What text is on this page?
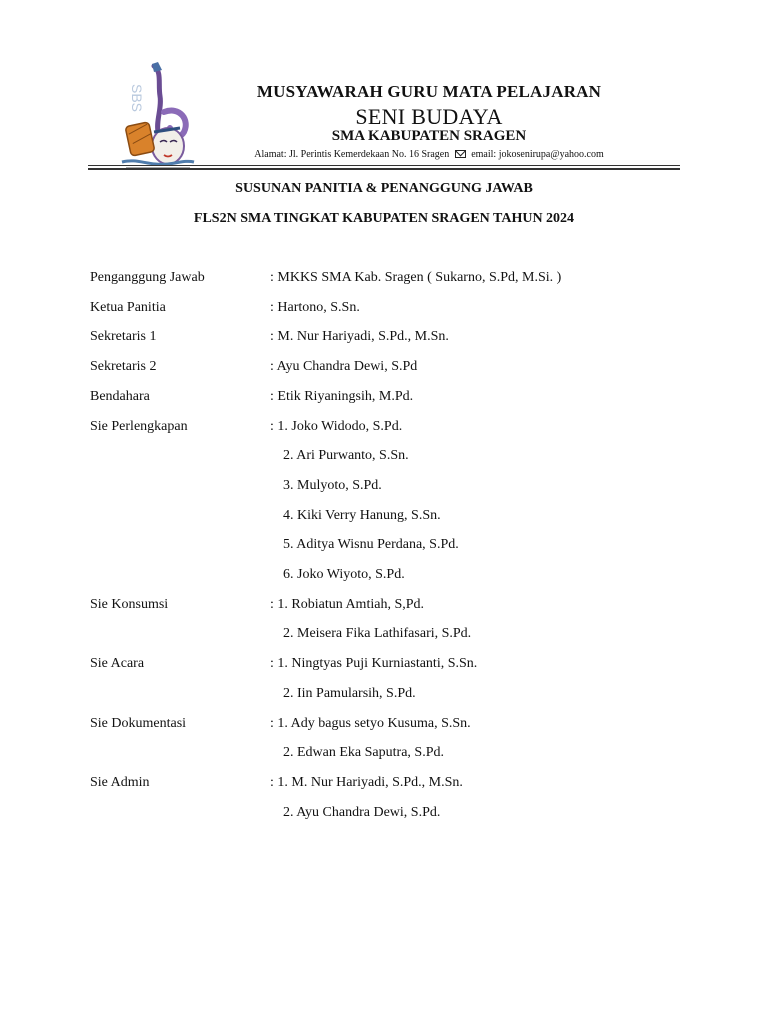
SBS	MUSYAWARAH GURU MATA PELAJARAN
SENI BUDAYA
SMA KABUPATEN SRAGEN
Alamat: Jl. Perintis Kemerdekaan No. 16 Sragen email: jokosenirupa@yahoo.com
SUSUNAN PANITIA & PENANGGUNG JAWAB
FLS2N SMA TINGKAT KABUPATEN SRAGEN TAHUN 2024
Penganggung Jawab	: MKKS SMA Kab. Sragen ( Sukarno, S.Pd, M.Si. )
Ketua Panitia	: Hartono, S.Sn.
Sekretaris 1	: M. Nur Hariyadi, S.Pd., M.Sn.
Sekretaris 2	: Ayu Chandra Dewi, S.Pd
Bendahara	: Etik Riyaningsih, M.Pd.
Sie Perlengkapan	: 1. Joko Widodo, S.Pd.
2. Ari Purwanto, S.Sn.
3. Mulyoto, S.Pd.
4. Kiki Verry Hanung, S.Sn.
5. Aditya Wisnu Perdana, S.Pd.
6. Joko Wiyoto, S.Pd.
Sie Konsumsi	: 1. Robiatun Amtiah, S,Pd.
2. Meisera Fika Lathifasari, S.Pd.
Sie Acara	: 1. Ningtyas Puji Kurniastanti, S.Sn.
2. Iin Pamularsih, S.Pd.
Sie Dokumentasi	: 1. Ady bagus setyo Kusuma, S.Sn.
2. Edwan Eka Saputra, S.Pd.
Sie Admin	: 1. M. Nur Hariyadi, S.Pd., M.Sn.
2. Ayu Chandra Dewi, S.Pd.
